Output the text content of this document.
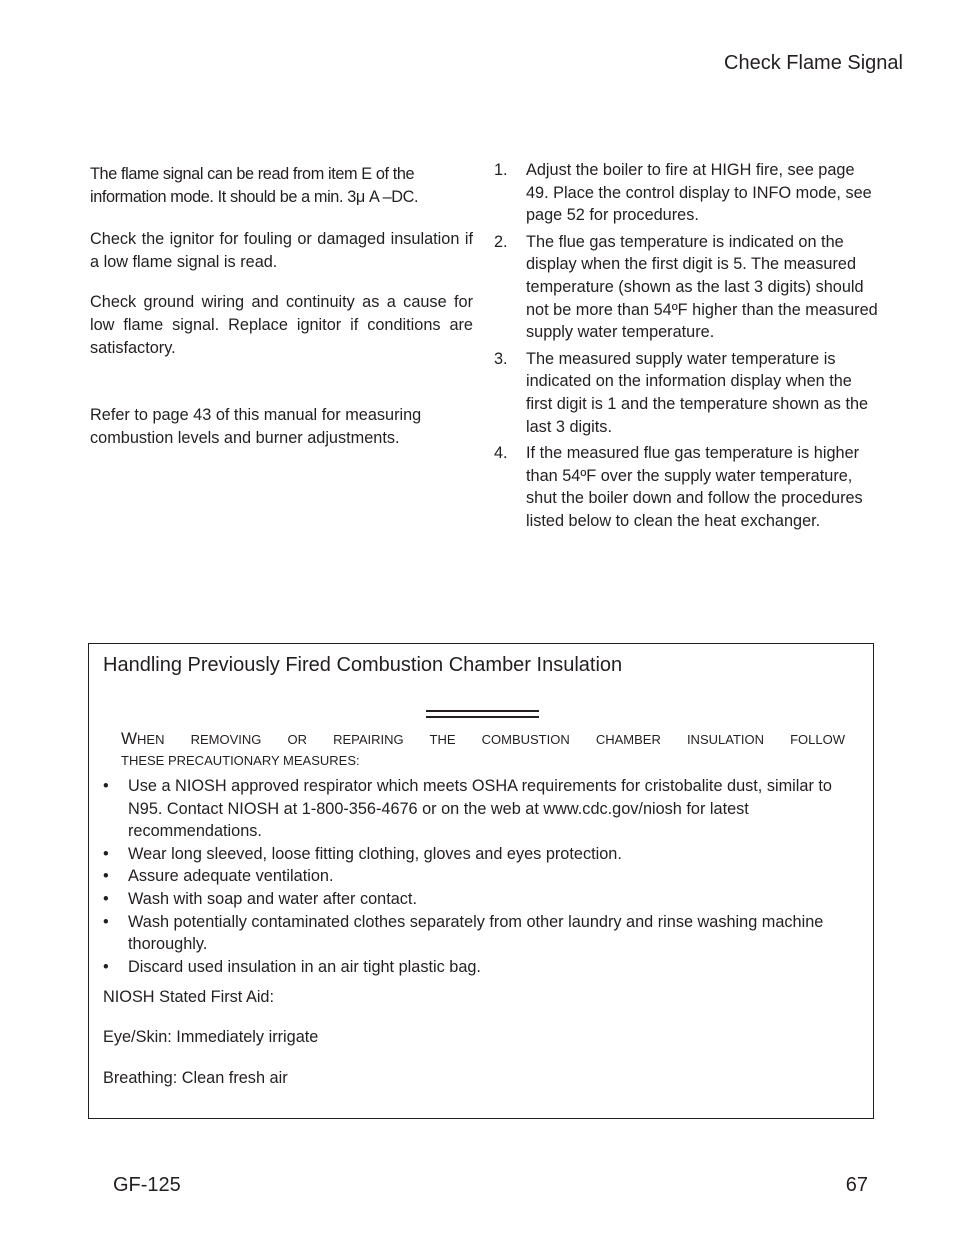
Check Flame Signal

The flame signal can be read from item E of the information mode. It should be a min. 3μ A –DC.

Check the ignitor for fouling or damaged insulation if a low flame signal is read.

Check ground wiring and continuity as a cause for low flame signal. Replace ignitor if conditions are satisfactory.

Refer to page 43 of this manual for measuring combustion levels and burner adjustments.

1.	Adjust the boiler to fire at HIGH fire, see page 49. Place the control display to INFO mode, see page 52 for procedures.
2.	The flue gas temperature is indicated on the display when the first digit is 5. The measured temperature (shown as the last 3 digits) should not be more than 54ºF higher than the measured supply water temperature.
3.	The measured supply water temperature is indicated on the information display when the first digit is 1 and the temperature shown as the last 3 digits.
4.	If the measured flue gas temperature is higher than 54ºF over the supply water temperature, shut the boiler down and follow the procedures listed below to clean the heat exchanger.
Handling Previously Fired Combustion Chamber Insulation
WHEN REMOVING OR REPAIRING THE COMBUSTION CHAMBER INSULATION FOLLOW
THESE PRECAUTIONARY MEASURES:
•	Use a NIOSH approved respirator which meets OSHA requirements for cristobalite dust, similar to N95. Contact NIOSH at 1-800-356-4676 or on the web at www.cdc.gov/niosh for latest recommendations.
•	Wear long sleeved, loose fitting clothing, gloves and eyes protection.
•	Assure adequate ventilation.
•	Wash with soap and water after contact.
•	Wash potentially contaminated clothes separately from other laundry and rinse washing machine thoroughly.
•	Discard used insulation in an air tight plastic bag.
NIOSH Stated First Aid:
Eye/Skin: Immediately irrigate
Breathing: Clean fresh air
GF-125	67
